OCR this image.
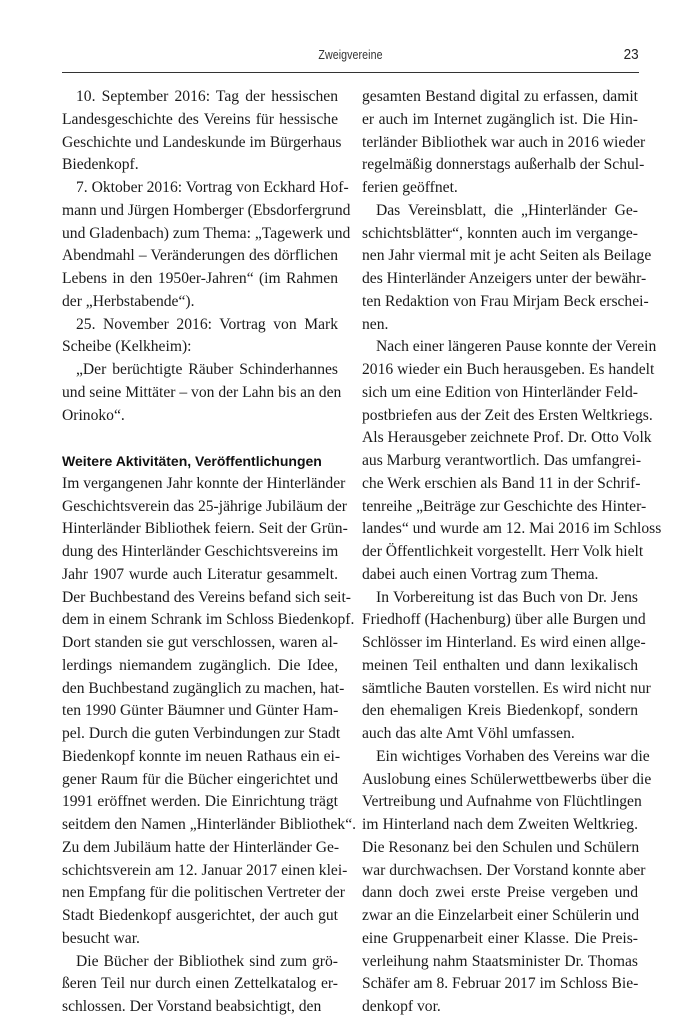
Zweigvereine	23
10. September 2016: Tag der hessischen
Landesgeschichte des Vereins für hessische
Geschichte und Landeskunde im Bürgerhaus
Biedenkopf.
7. Oktober 2016: Vortrag von Eckhard Hof-
mann und Jürgen Homberger (Ebsdorfergrund
und Gladenbach) zum Thema: „Tagewerk und
Abendmahl – Veränderungen des dörflichen
Lebens in den 1950er-Jahren“ (im Rahmen
der „Herbstabende“).
25. November 2016: Vortrag von Mark
Scheibe (Kelkheim):
„Der berüchtigte Räuber Schinderhannes
und seine Mittäter – von der Lahn bis an den
Orinoko“.
Weitere Aktivitäten, Veröffentlichungen
Im vergangenen Jahr konnte der Hinterländer
Geschichtsverein das 25-jährige Jubiläum der
Hinterländer Bibliothek feiern. Seit der Grün-
dung des Hinterländer Geschichtsvereins im
Jahr 1907 wurde auch Literatur gesammelt.
Der Buchbestand des Vereins befand sich seit-
dem in einem Schrank im Schloss Biedenkopf.
Dort standen sie gut verschlossen, waren al-
lerdings niemandem zugänglich. Die Idee,
den Buchbestand zugänglich zu machen, hat-
ten 1990 Günter Bäumner und Günter Ham-
pel. Durch die guten Verbindungen zur Stadt
Biedenkopf konnte im neuen Rathaus ein ei-
gener Raum für die Bücher eingerichtet und
1991 eröffnet werden. Die Einrichtung trägt
seitdem den Namen „Hinterländer Bibliothek“.
Zu dem Jubiläum hatte der Hinterländer Ge-
schichtsverein am 12. Januar 2017 einen klei-
nen Empfang für die politischen Vertreter der
Stadt Biedenkopf ausgerichtet, der auch gut
besucht war.
Die Bücher der Bibliothek sind zum grö-
ßeren Teil nur durch einen Zettelkatalog er-
schlossen. Der Vorstand beabsichtigt, den
gesamten Bestand digital zu erfassen, damit
er auch im Internet zugänglich ist. Die Hin-
terländer Bibliothek war auch in 2016 wieder
regelmäßig donnerstags außerhalb der Schul-
ferien geöffnet.
Das Vereinsblatt, die „Hinterländer Ge-
schichtsblätter“, konnten auch im vergange-
nen Jahr viermal mit je acht Seiten als Beilage
des Hinterländer Anzeigers unter der bewähr-
ten Redaktion von Frau Mirjam Beck erschei-
nen.
Nach einer längeren Pause konnte der Verein
2016 wieder ein Buch herausgeben. Es handelt
sich um eine Edition von Hinterländer Feld-
postbriefen aus der Zeit des Ersten Weltkriegs.
Als Herausgeber zeichnete Prof. Dr. Otto Volk
aus Marburg verantwortlich. Das umfangrei-
che Werk erschien als Band 11 in der Schrif-
tenreihe „Beiträge zur Geschichte des Hinter-
landes“ und wurde am 12. Mai 2016 im Schloss
der Öffentlichkeit vorgestellt. Herr Volk hielt
dabei auch einen Vortrag zum Thema.
In Vorbereitung ist das Buch von Dr. Jens
Friedhoff (Hachenburg) über alle Burgen und
Schlösser im Hinterland. Es wird einen allge-
meinen Teil enthalten und dann lexikalisch
sämtliche Bauten vorstellen. Es wird nicht nur
den ehemaligen Kreis Biedenkopf, sondern
auch das alte Amt Vöhl umfassen.
Ein wichtiges Vorhaben des Vereins war die
Auslobung eines Schülerwettbewerbs über die
Vertreibung und Aufnahme von Flüchtlingen
im Hinterland nach dem Zweiten Weltkrieg.
Die Resonanz bei den Schulen und Schülern
war durchwachsen. Der Vorstand konnte aber
dann doch zwei erste Preise vergeben und
zwar an die Einzelarbeit einer Schülerin und
eine Gruppenarbeit einer Klasse. Die Preis-
verleihung nahm Staatsminister Dr. Thomas
Schäfer am 8. Februar 2017 im Schloss Bie-
denkopf vor.
